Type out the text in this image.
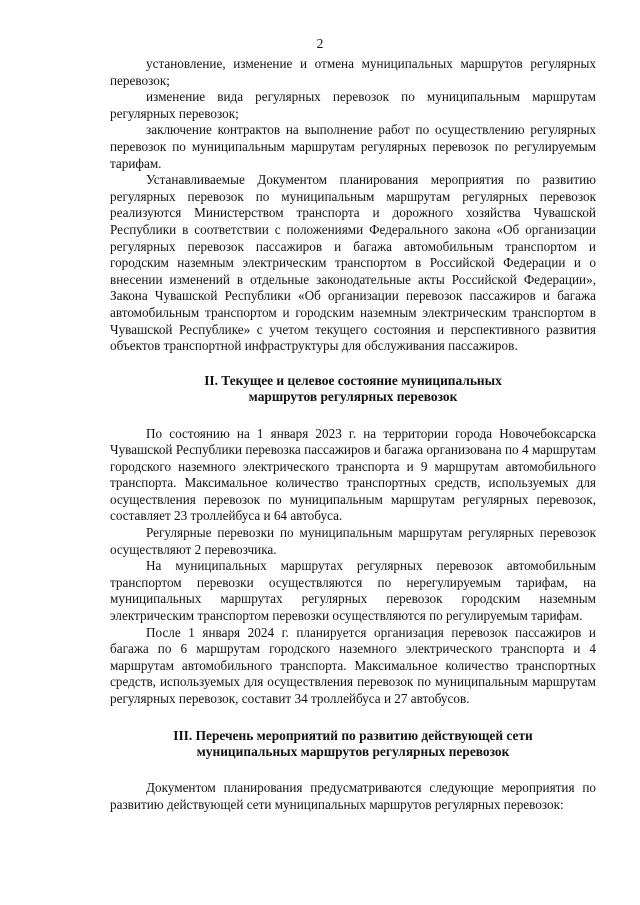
2

установление, изменение и отмена муниципальных маршрутов регулярных перевозок;

изменение вида регулярных перевозок по муниципальным маршрутам регулярных перевозок;

заключение контрактов на выполнение работ по осуществлению регулярных перевозок по муниципальным маршрутам регулярных перевозок по регулируемым тарифам.

Устанавливаемые Документом планирования мероприятия по развитию регулярных перевозок по муниципальным маршрутам регулярных перевозок реализуются Министерством транспорта и дорожного хозяйства Чувашской Республики в соответствии с положениями Федерального закона «Об организации регулярных перевозок пассажиров и багажа автомобильным транспортом и городским наземным электрическим транспортом в Российской Федерации и о внесении изменений в отдельные законодательные акты Российской Федерации», Закона Чувашской Республики «Об организации перевозок пассажиров и багажа автомобильным транспортом и городским наземным электрическим транспортом в Чувашской Республике» с учетом текущего состояния и перспективного развития объектов транспортной инфраструктуры для обслуживания пассажиров.

II. Текущее и целевое состояние муниципальных
маршрутов регулярных перевозок

По состоянию на 1 января 2023 г. на территории города Новочебоксарска Чувашской Республики перевозка пассажиров и багажа организована по 4 маршрутам городского наземного электрического транспорта и 9 маршрутам автомобильного транспорта. Максимальное количество транспортных средств, используемых для осуществления перевозок по муниципальным маршрутам регулярных перевозок, составляет 23 троллейбуса и 64 автобуса.

Регулярные перевозки по муниципальным маршрутам регулярных перевозок осуществляют 2 перевозчика.

На муниципальных маршрутах регулярных перевозок автомобильным транспортом перевозки осуществляются по нерегулируемым тарифам, на муниципальных маршрутах регулярных перевозок городским наземным электрическим транспортом перевозки осуществляются по регулируемым тарифам.

После 1 января 2024 г. планируется организация перевозок пассажиров и багажа по 6 маршрутам городского наземного электрического транспорта и 4 маршрутам автомобильного транспорта. Максимальное количество транспортных средств, используемых для осуществления перевозок по муниципальным маршрутам регулярных перевозок, составит 34 троллейбуса и 27 автобусов.

III. Перечень мероприятий по развитию действующей сети
муниципальных маршрутов регулярных перевозок

Документом планирования предусматриваются следующие мероприятия по развитию действующей сети муниципальных маршрутов регулярных перевозок:
